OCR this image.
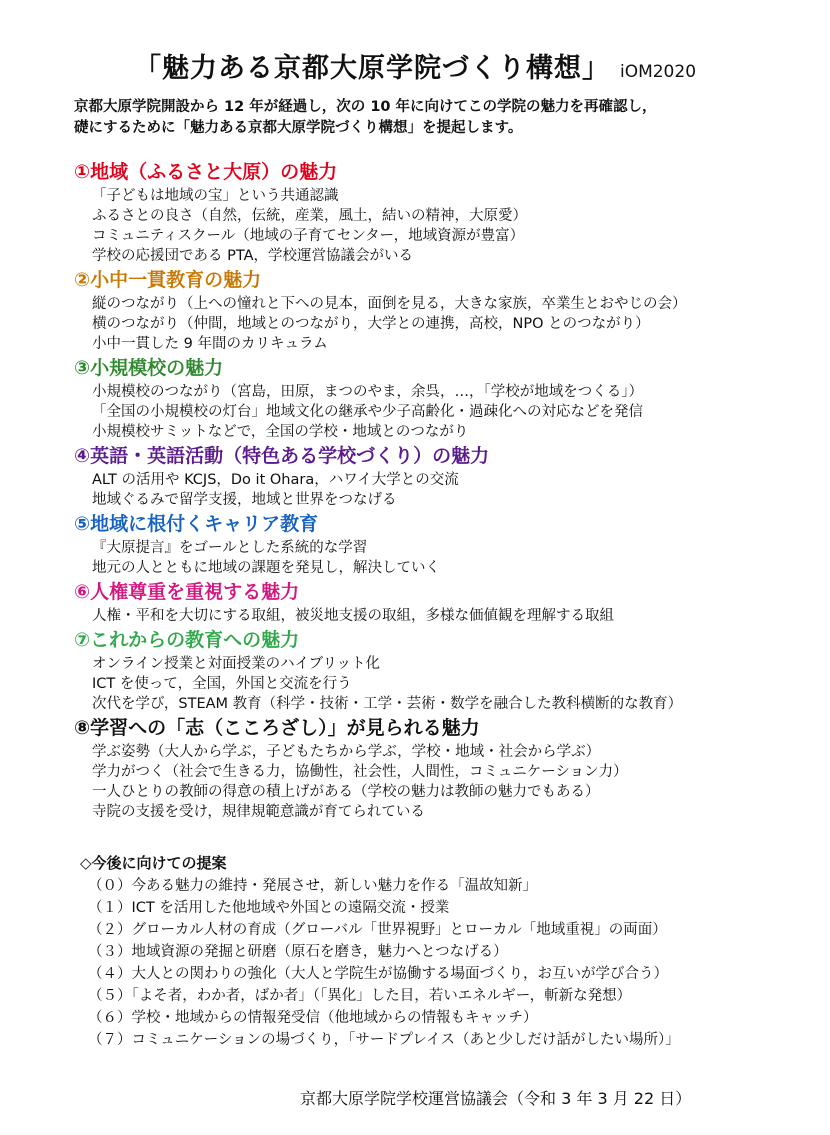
「魅力ある京都大原学院づくり構想」 iOM2020

京都大原学院開設から 12 年が経過し，次の 10 年に向けてこの学院の魅力を再確認し，

礎にするために「魅力ある京都大原学院づくり構想」を提起します。

①地域（ふるさと大原）の魅力
「子どもは地域の宝」という共通認識
ふるさとの良さ（自然，伝統，産業，風土，結いの精神，大原愛）
コミュニティスクール（地域の子育てセンター，地域資源が豊富）
学校の応援団である PTA，学校運営協議会がいる
②小中一貫教育の魅力
縦のつながり（上への憧れと下への見本，面倒を見る，大きな家族，卒業生とおやじの会）
横のつながり（仲間，地域とのつながり，大学との連携，高校，NPO とのつながり）
小中一貫した 9 年間のカリキュラム
③小規模校の魅力
小規模校のつながり（宮島，田原，まつのやま，余呉，…，「学校が地域をつくる」）
「全国の小規模校の灯台」地域文化の継承や少子高齢化・過疎化への対応などを発信
小規模校サミットなどで，全国の学校・地域とのつながり
④英語・英語活動（特色ある学校づくり）の魅力
ALT の活用や KCJS，Do it Ohara，ハワイ大学との交流
地域ぐるみで留学支援，地域と世界をつなげる
⑤地域に根付くキャリア教育
『大原提言』をゴールとした系統的な学習
地元の人とともに地域の課題を発見し，解決していく
⑥人権尊重を重視する魅力
人権・平和を大切にする取組，被災地支援の取組，多様な価値観を理解する取組
⑦これからの教育への魅力
オンライン授業と対面授業のハイブリット化
ICT を使って，全国，外国と交流を行う
次代を学び，STEAM 教育（科学・技術・工学・芸術・数学を融合した教科横断的な教育）
⑧学習への「志（こころざし）」が見られる魅力
学ぶ姿勢（大人から学ぶ，子どもたちから学ぶ，学校・地域・社会から学ぶ）
学力がつく（社会で生きる力，協働性，社会性，人間性，コミュニケーション力）
一人ひとりの教師の得意の積上げがある（学校の魅力は教師の魅力でもある）
寺院の支援を受け，規律規範意識が育てられている
◇今後に向けての提案
（０）今ある魅力の維持・発展させ，新しい魅力を作る「温故知新」
（１）ICT を活用した他地域や外国との遠隔交流・授業
（２）グローカル人材の育成（グローバル「世界視野」とローカル「地域重視」の両面）
（３）地域資源の発掘と研磨（原石を磨き，魅力へとつなげる）
（４）大人との関わりの強化（大人と学院生が協働する場面づくり，お互いが学び合う）
（５）「よそ者，わか者，ばか者」（「異化」した目，若いエネルギー，斬新な発想）
（６）学校・地域からの情報発受信（他地域からの情報もキャッチ）
（７）コミュニケーションの場づくり，「サードプレイス（あと少しだけ話がしたい場所）」
京都大原学院学校運営協議会（令和 3 年 3 月 22 日）
